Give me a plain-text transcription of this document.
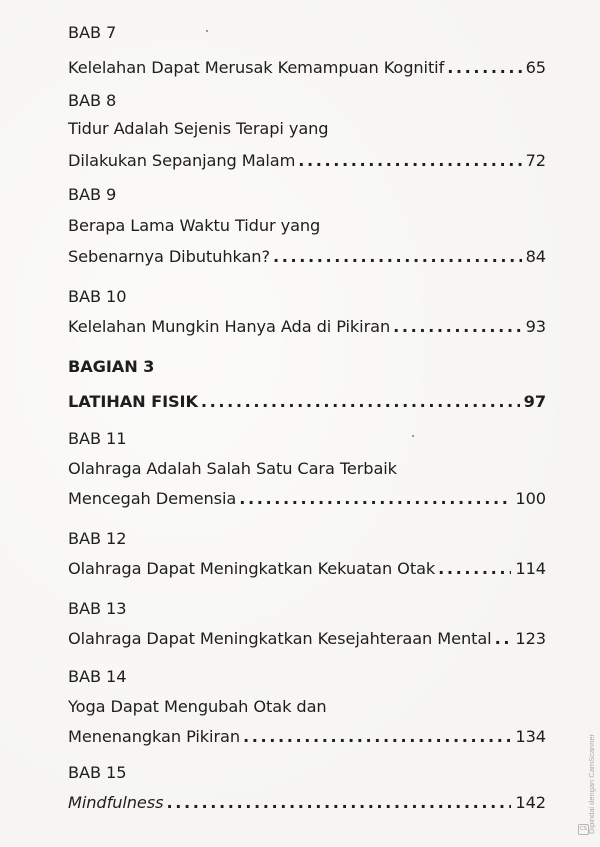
BAB 7
Kelelahan Dapat Merusak Kemampuan Kognitif .....	65
BAB 8
Tidur Adalah Sejenis Terapi yang
Dilakukan Sepanjang Malam .....	72
BAB 9
Berapa Lama Waktu Tidur yang
Sebenarnya Dibutuhkan? .....	84
BAB 10
Kelelahan Mungkin Hanya Ada di Pikiran .....	93
BAGIAN 3
LATIHAN FISIK .....	97
BAB 11
Olahraga Adalah Salah Satu Cara Terbaik
Mencegah Demensia .....	100
BAB 12
Olahraga Dapat Meningkatkan Kekuatan Otak .....	114
BAB 13
Olahraga Dapat Meningkatkan Kesejahteraan Mental ..... 123
BAB 14
Yoga Dapat Mengubah Otak dan
Menenangkan Pikiran .....	134
BAB 15
Mindfulness .....	142	Dipindai dengan CamScanner
CS
